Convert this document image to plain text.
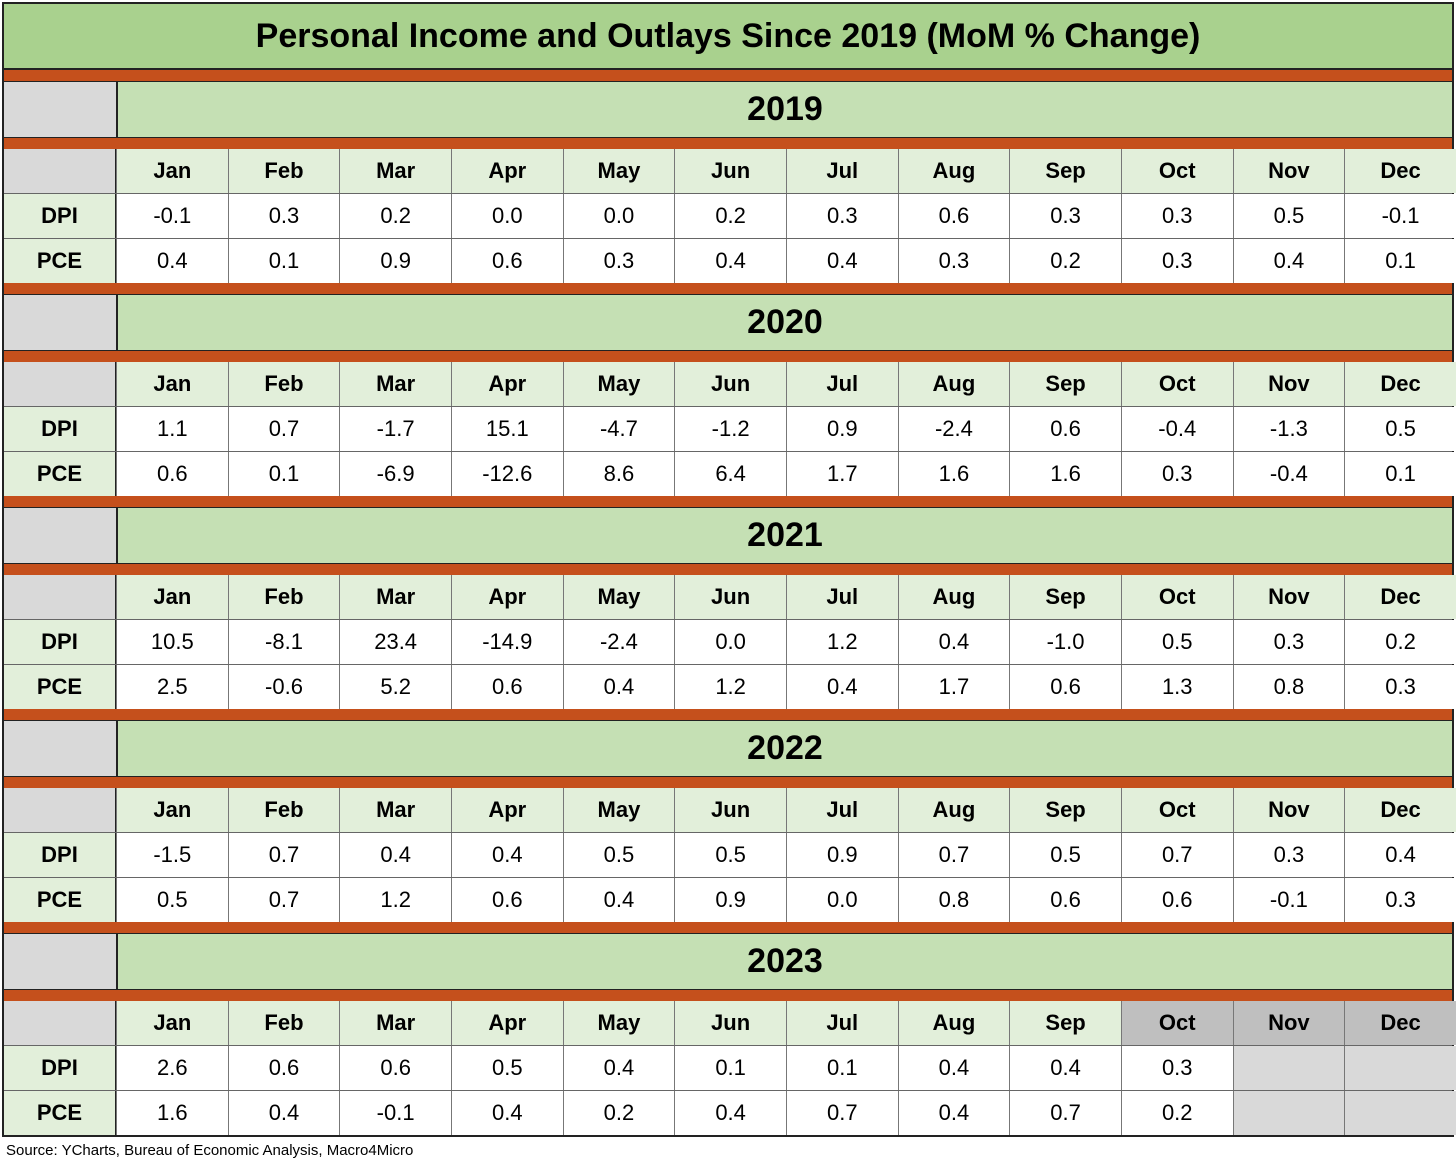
Personal Income and Outlays Since 2019 (MoM % Change)
2019
Jan	Feb	Mar	Apr	May	Jun	Jul	Aug	Sep	Oct	Nov	Dec
DPI	-0.1	0.3	0.2	0.0	0.0	0.2	0.3	0.6	0.3	0.3	0.5	-0.1
PCE	0.4	0.1	0.9	0.6	0.3	0.4	0.4	0.3	0.2	0.3	0.4	0.1
2020
Jan	Feb	Mar	Apr	May	Jun	Jul	Aug	Sep	Oct	Nov	Dec
DPI	1.1	0.7	-1.7	15.1	-4.7	-1.2	0.9	-2.4	0.6	-0.4	-1.3	0.5
PCE	0.6	0.1	-6.9	-12.6	8.6	6.4	1.7	1.6	1.6	0.3	-0.4	0.1
2021
Jan	Feb	Mar	Apr	May	Jun	Jul	Aug	Sep	Oct	Nov	Dec
DPI	10.5	-8.1	23.4	-14.9	-2.4	0.0	1.2	0.4	-1.0	0.5	0.3	0.2
PCE	2.5	-0.6	5.2	0.6	0.4	1.2	0.4	1.7	0.6	1.3	0.8	0.3
2022
Jan	Feb	Mar	Apr	May	Jun	Jul	Aug	Sep	Oct	Nov	Dec
DPI	-1.5	0.7	0.4	0.4	0.5	0.5	0.9	0.7	0.5	0.7	0.3	0.4
PCE	0.5	0.7	1.2	0.6	0.4	0.9	0.0	0.8	0.6	0.6	-0.1	0.3
2023
Jan	Feb	Mar	Apr	May	Jun	Jul	Aug	Sep	Oct	Nov	Dec
DPI	2.6	0.6	0.6	0.5	0.4	0.1	0.1	0.4	0.4	0.3
PCE	1.6	0.4	-0.1	0.4	0.2	0.4	0.7	0.4	0.7	0.2
Source: YCharts, Bureau of Economic Analysis, Macro4Micro
